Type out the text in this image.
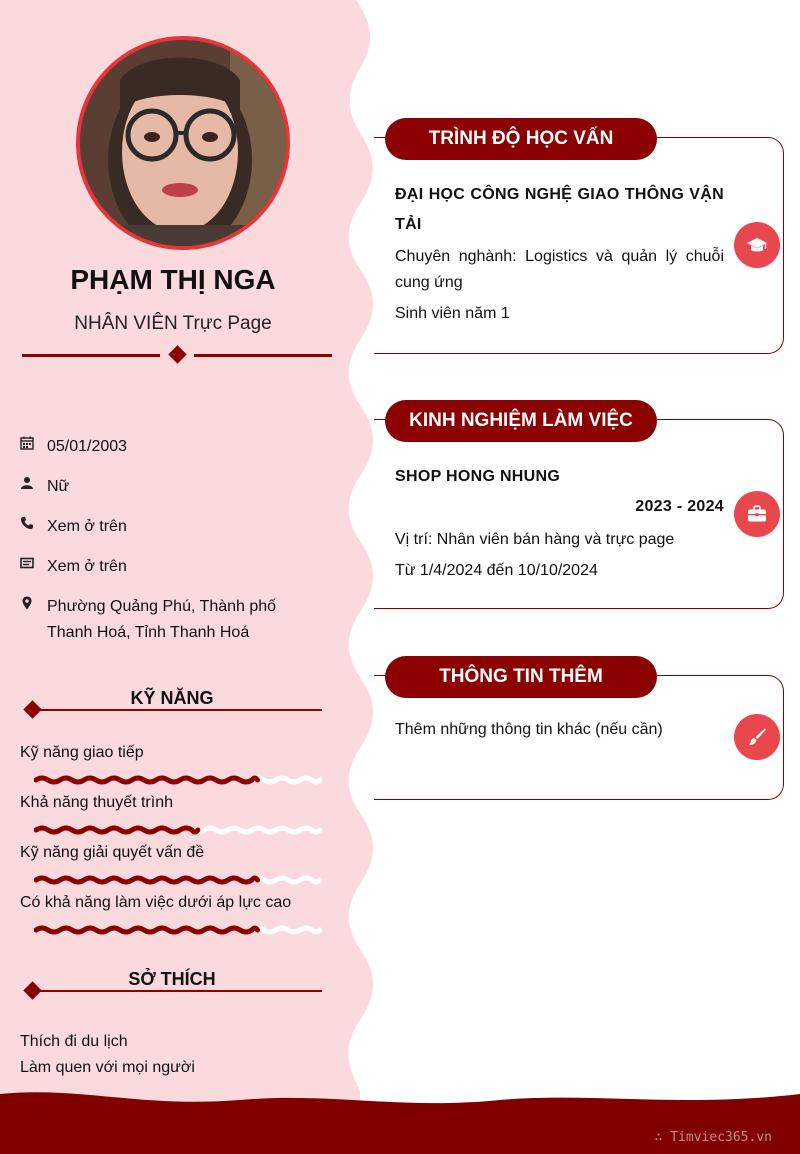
PHẠM THỊ NGA
NHÂN VIÊN Trực Page
05/01/2003
Nữ
Xem ở trên
Xem ở trên
Phường Quảng Phú, Thành phố
Thanh Hoá, Tỉnh Thanh Hoá
KỸ NĂNG
Kỹ năng giao tiếp
Khả năng thuyết trình
Kỹ năng giải quyết vấn đề
Có khả năng làm việc dưới áp lực cao
SỞ THÍCH
Thích đi du lịch
Làm quen với mọi người
TRÌNH ĐỘ HỌC VẤN
ĐẠI HỌC CÔNG NGHỆ GIAO THÔNG VẬN
TẢI
Chuyên nghành: Logistics và quản lý chuỗi
cung ứng
Sinh viên năm 1
KINH NGHIỆM LÀM VIỆC
SHOP HONG NHUNG
2023 - 2024
Vị trí: Nhân viên bán hàng và trực page
Từ 1/4/2024 đến 10/10/2024
THÔNG TIN THÊM
Thêm những thông tin khác (nếu cần)
∴ Timviec365.vn
